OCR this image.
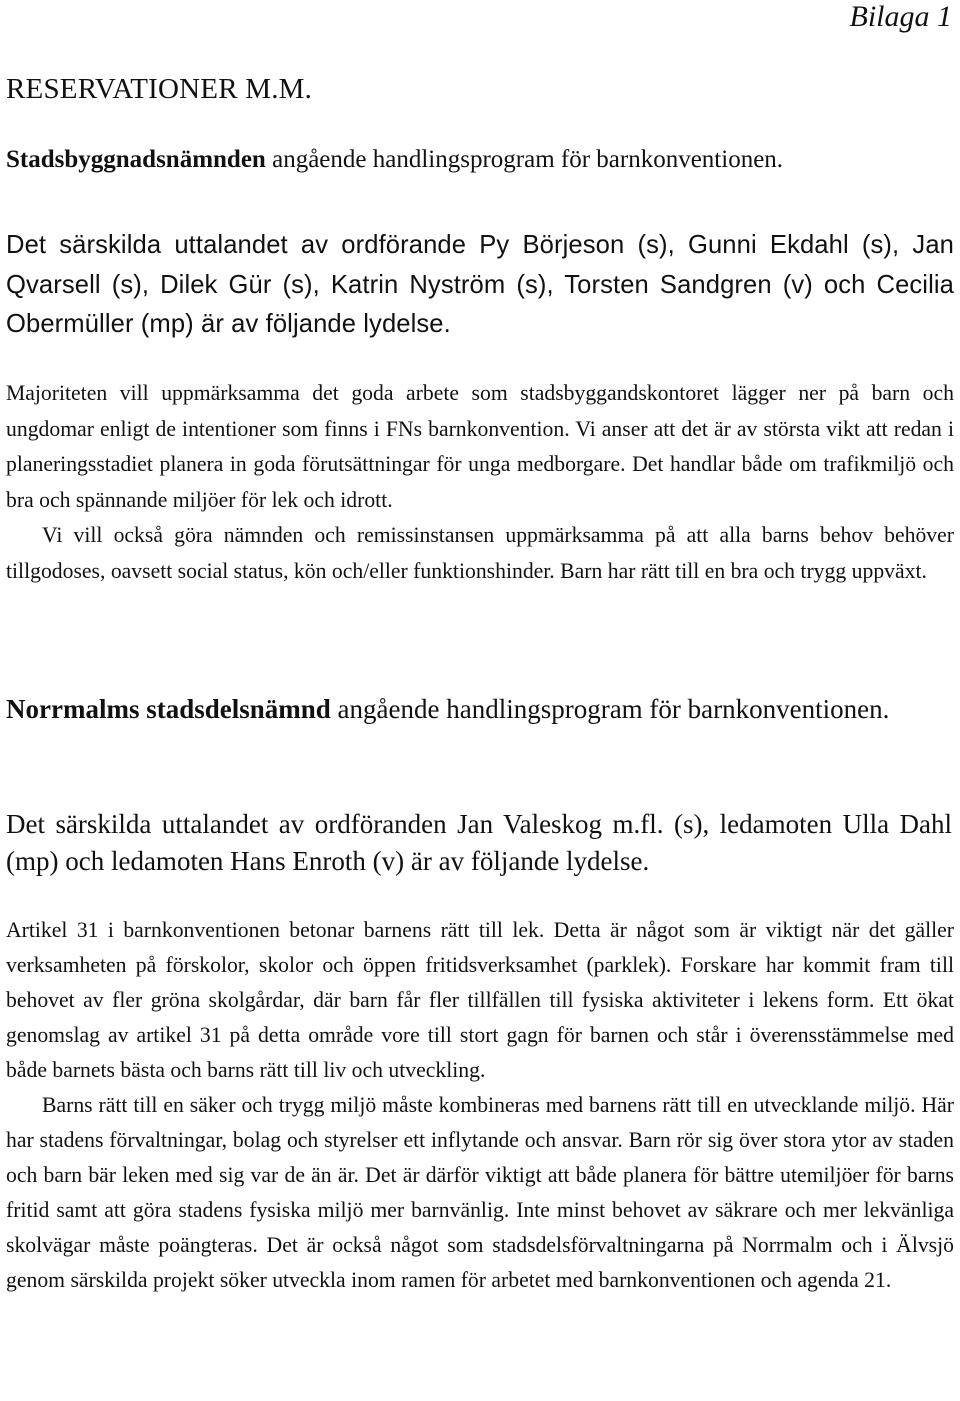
Bilaga 1

RESERVATIONER M.M.
Stadsbyggnadsnämnden angående handlingsprogram för barnkonventionen.

Det särskilda uttalandet av ordförande Py Börjeson (s), Gunni Ekdahl (s), Jan Qvarsell (s), Dilek Gür (s), Katrin Nyström (s), Torsten Sandgren (v) och Cecilia Obermüller (mp) är av följande lydelse.

Majoriteten vill uppmärksamma det goda arbete som stadsbyggandskontoret lägger ner på barn och ungdomar enligt de intentioner som finns i FNs barnkonvention. Vi anser att det är av största vikt att redan i planeringsstadiet planera in goda förutsättningar för unga medborgare. Det handlar både om trafikmiljö och bra och spännande miljöer för lek och idrott.

Vi vill också göra nämnden och remissinstansen uppmärksamma på att alla barns behov behöver tillgodoses, oavsett social status, kön och/eller funktionshinder. Barn har rätt till en bra och trygg uppväxt.

Norrmalms stadsdelsnämnd angående handlingsprogram för barnkonventionen.

Det särskilda uttalandet av ordföranden Jan Valeskog m.fl. (s), ledamoten Ulla Dahl (mp) och ledamoten Hans Enroth (v) är av följande lydelse.

Artikel 31 i barnkonventionen betonar barnens rätt till lek. Detta är något som är viktigt när det gäller verksamheten på förskolor, skolor och öppen fritidsverksamhet (parklek). Forskare har kommit fram till behovet av fler gröna skolgårdar, där barn får fler tillfällen till fysiska aktiviteter i lekens form. Ett ökat genomslag av artikel 31 på detta område vore till stort gagn för barnen och står i överensstämmelse med både barnets bästa och barns rätt till liv och utveckling.

Barns rätt till en säker och trygg miljö måste kombineras med barnens rätt till en utvecklande miljö. Här har stadens förvaltningar, bolag och styrelser ett inflytande och ansvar. Barn rör sig över stora ytor av staden och barn bär leken med sig var de än är. Det är därför viktigt att både planera för bättre utemiljöer för barns fritid samt att göra stadens fysiska miljö mer barnvänlig. Inte minst behovet av säkrare och mer lekvänliga skolvägar måste poängteras. Det är också något som stadsdelsförvaltningarna på Norrmalm och i Älvsjö genom särskilda projekt söker utveckla inom ramen för arbetet med barnkonventionen och agenda 21.
